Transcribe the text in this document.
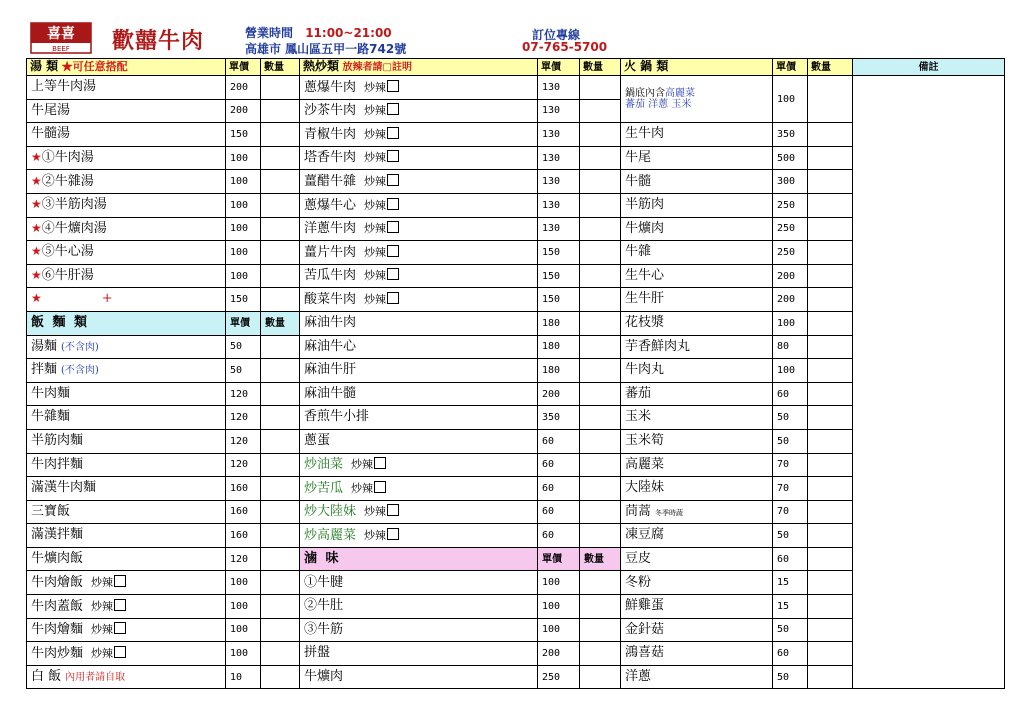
喜喜
BEEF 歡囍牛肉	營業時間 11:00~21:00
高雄市 鳳山區五甲一路742號
訂位專線
07-765-5700
湯 類 ★可任意搭配	單價	數量	熱炒類 放辣者請□註明	單價	數量	火 鍋 類	單價	數量	備註
上等牛肉湯	200		蔥爆牛肉 炒辣	130		鍋底內含高麗菜
蕃茄 洋蔥 玉米	100		
牛尾湯	200		沙茶牛肉 炒辣	130					
牛髓湯	150		青椒牛肉 炒辣	130		生牛肉	350		
★①牛肉湯	100		塔香牛肉 炒辣	130		牛尾	500		
★②牛雜湯	100		薑醋牛雜 炒辣	130		牛髓	300		
★③半筋肉湯	100		蔥爆牛心 炒辣	130		半筋肉	250		
★④牛爌肉湯	100		洋蔥牛肉 炒辣	130		牛爌肉	250		
★⑤牛心湯	100		薑片牛肉 炒辣	150		牛雜	250		
★⑥牛肝湯	100		苦瓜牛肉 炒辣	150		生牛心	200		
★ +	150		酸菜牛肉 炒辣	150		生牛肝	200		
飯 麵 類	單價	數量	麻油牛肉	180		花枝漿	100		
湯麵 (不含肉)	50		麻油牛心	180		芋香鮮肉丸	80		
拌麵 (不含肉)	50		麻油牛肝	180		牛肉丸	100		
牛肉麵	120		麻油牛髓	200		蕃茄	60		
牛雜麵	120		香煎牛小排	350		玉米	50		
半筋肉麵	120		蔥蛋	60		玉米筍	50		
牛肉拌麵	120		炒油菜 炒辣	60		高麗菜	70		
滿漢牛肉麵	160		炒苦瓜 炒辣	60		大陸妹	70		
三寶飯	160		炒大陸妹 炒辣	60		茼蒿 冬季時蔬	70		
滿漢拌麵	160		炒高麗菜 炒辣	60		凍豆腐	50		
牛爌肉飯	120		滷 味	單價	數量	豆皮	60		
牛肉燴飯 炒辣	100		①牛腱	100		冬粉	15		
牛肉蓋飯 炒辣	100		②牛肚	100		鮮雞蛋	15		
牛肉燴麵 炒辣	100		③牛筋	100		金針菇	50		
牛肉炒麵 炒辣	100		拼盤	200		鴻喜菇	60		
白 飯 內用者請自取	10		牛爌肉	250		洋蔥	50		
